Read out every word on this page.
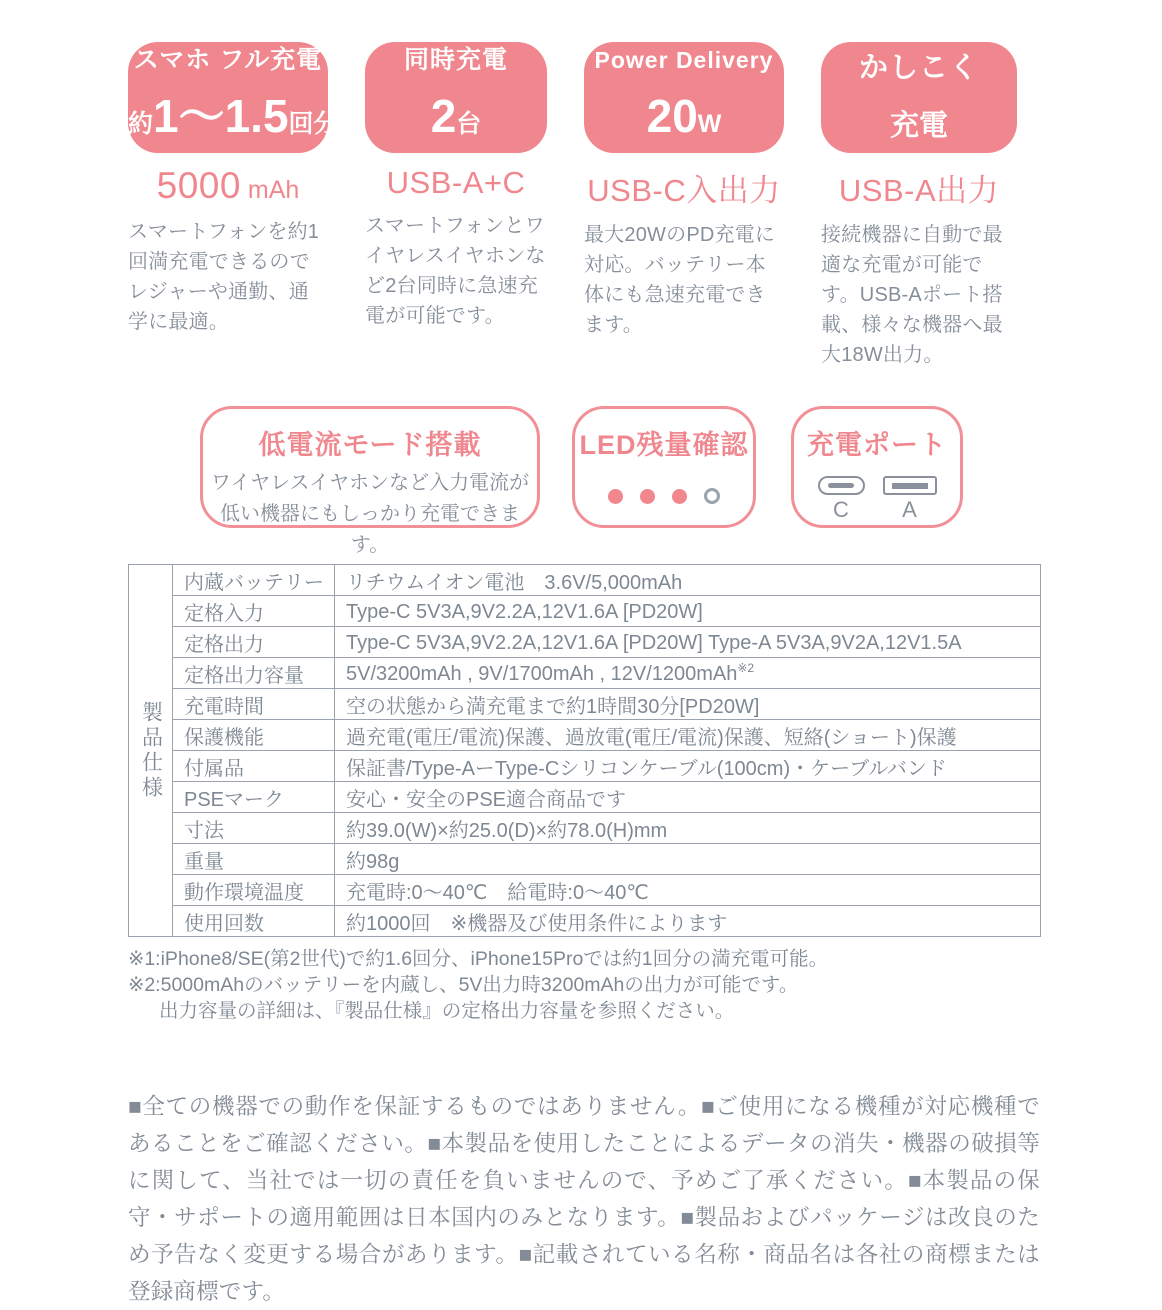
スマホ フル充電
約1〜1.5回分$^{※1}$
5000 mAh

スマートフォンを約1回満充電できるのでレジャーや通勤、通学に最適。

同時充電
2台
USB-A+C

スマートフォンとワイヤレスイヤホンなど2台同時に急速充電が可能です。

Power Delivery
20W
USB-C入出力

最大20WのPD充電に対応。バッテリー本体にも急速充電できます。

かしこく
充電
USB-A出力

接続機器に自動で最適な充電が可能です。USB-Aポート搭載、様々な機器へ最大18W出力。

低電流モード搭載

ワイヤレスイヤホンなど入力電流が低い機器にもしっかり充電できます。

LED残量確認	充電ポート
C A
製品仕様	内蔵バッテリー	リチウムイオン電池　3.6V/5,000mAh
	定格入力	Type-C 5V3A,9V2.2A,12V1.6A [PD20W]
	定格出力	Type-C 5V3A,9V2.2A,12V1.6A [PD20W] Type-A 5V3A,9V2A,12V1.5A
	定格出力容量	5V/3200mAh , 9V/1700mAh , 12V/1200mAh$^{※2}$
	充電時間	空の状態から満充電まで約1時間30分[PD20W]
	保護機能	過充電(電圧/電流)保護、過放電(電圧/電流)保護、短絡(ショート)保護
	付属品	保証書/Type-AーType-Cシリコンケーブル(100cm)・ケーブルバンド
	PSEマーク	安心・安全のPSE適合商品です
	寸法	約39.0(W)×約25.0(D)×約78.0(H)mm
	重量	約98g
	動作環境温度	充電時:0〜40℃　給電時:0〜40℃
	使用回数	約1000回　※機器及び使用条件によります

※1:iPhone8/SE(第2世代)で約1.6回分、iPhone15Proでは約1回分の満充電可能。

※2:5000mAhのバッテリーを内蔵し、5V出力時3200mAhの出力が可能です。

出力容量の詳細は、『製品仕様』の定格出力容量を参照ください。

■全ての機器での動作を保証するものではありません。■ご使用になる機種が対応機種であることをご確認ください。■本製品を使用したことによるデータの消失・機器の破損等に関して、当社では一切の責任を負いませんので、予めご了承ください。■本製品の保守・サポートの適用範囲は日本国内のみとなります。■製品およびパッケージは改良のため予告なく変更する場合があります。■記載されている名称・商品名は各社の商標または登録商標です。
